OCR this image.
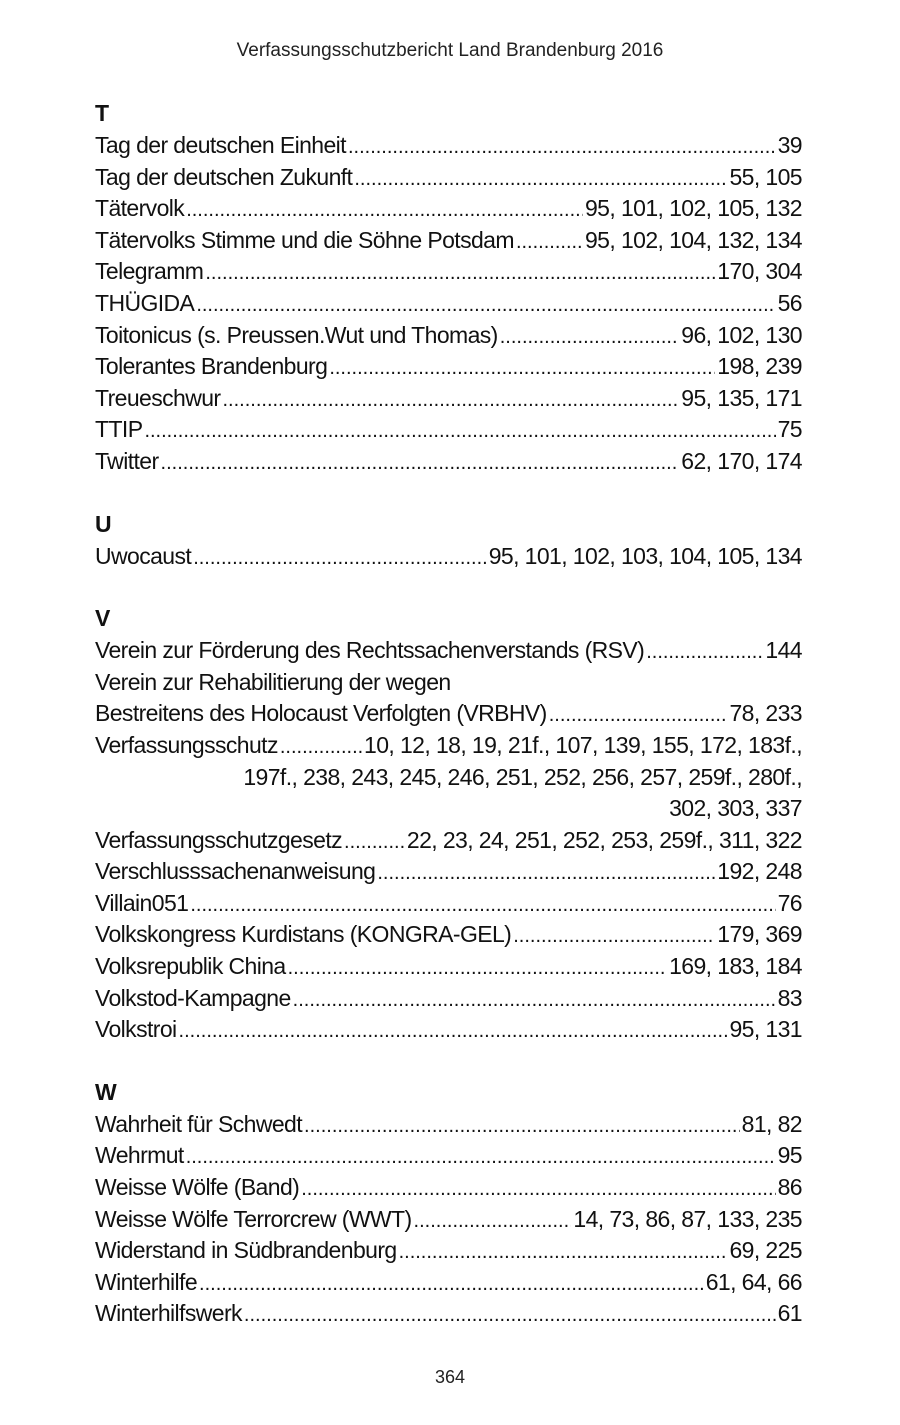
Verfassungsschutzbericht Land Brandenburg 2016
T
Tag der deutschen Einheit .....	39
Tag der deutschen Zukunft .....	55, 105
Tätervolk .....	95, 101, 102, 105, 132
Tätervolks Stimme und die Söhne Potsdam .....	95, 102, 104, 132, 134
Telegramm .....	170, 304
THÜGIDA .....	56
Toitonicus (s. Preussen.Wut und Thomas) .....	96, 102, 130
Tolerantes Brandenburg .....	198, 239
Treueschwur .....	95, 135, 171
TTIP .....	75
Twitter .....	62, 170, 174
U
Uwocaust .....	95, 101, 102, 103, 104, 105, 134
V
Verein zur Förderung des Rechtssachenverstands (RSV) .....	144
Verein zur Rehabilitierung der wegen
Bestreitens des Holocaust Verfolgten (VRBHV) .....	78, 233
Verfassungsschutz .....	10, 12, 18, 19, 21f., 107, 139, 155, 172, 183f.,
197f., 238, 243, 245, 246, 251, 252, 256, 257, 259f., 280f.,
302, 303, 337
Verfassungsschutzgesetz .....	22, 23, 24, 251, 252, 253, 259f., 311, 322
Verschlusssachenanweisung .....	192, 248
Villain051 .....	76
Volkskongress Kurdistans (KONGRA-GEL) .....	179, 369
Volksrepublik China .....	169, 183, 184
Volkstod-Kampagne .....	83
Volkstroi .....	95, 131
W
Wahrheit für Schwedt .....	81, 82
Wehrmut .....	95
Weisse Wölfe (Band) .....	86
Weisse Wölfe Terrorcrew (WWT) .....	14, 73, 86, 87, 133, 235
Widerstand in Südbrandenburg .....	69, 225
Winterhilfe .....	61, 64, 66
Winterhilfswerk .....	61
364
